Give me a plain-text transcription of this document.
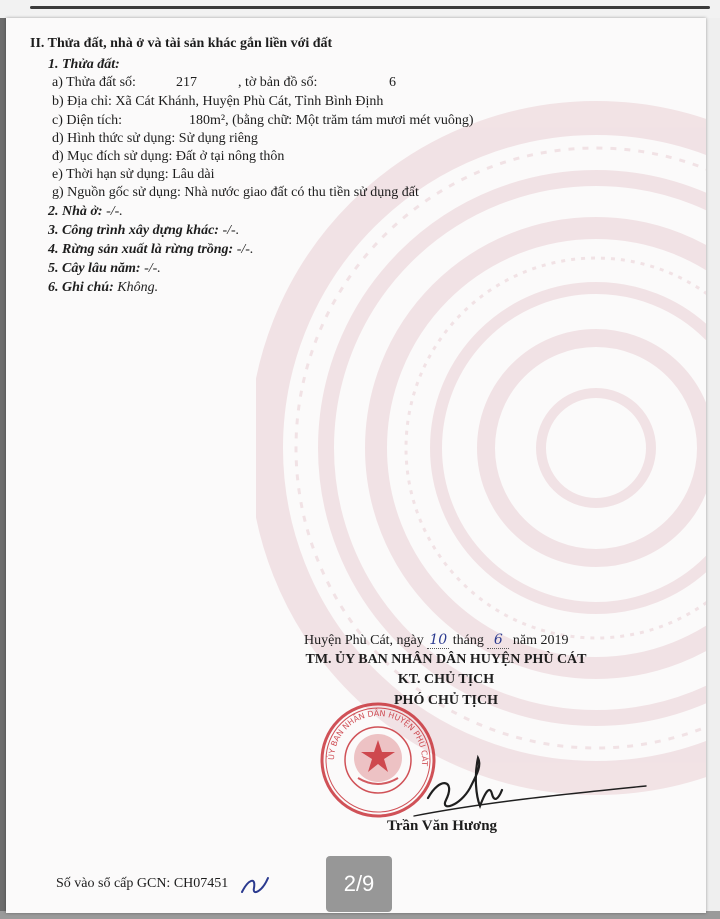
II. Thửa đất, nhà ở và tài sản khác gắn liền với đất
1. Thửa đất:
a) Thửa đất số:	217	, tờ bản đồ số:	6
b) Địa chỉ: Xã Cát Khánh, Huyện Phù Cát, Tỉnh Bình Định
c) Diện tích:	180m², (bằng chữ: Một trăm tám mươi mét vuông)
d) Hình thức sử dụng: Sử dụng riêng
đ) Mục đích sử dụng: Đất ở tại nông thôn
e) Thời hạn sử dụng: Lâu dài
g) Nguồn gốc sử dụng: Nhà nước giao đất có thu tiền sử dụng đất
2. Nhà ở: -/-.
3. Công trình xây dựng khác: -/-.
4. Rừng sản xuất là rừng trồng: -/-.
5. Cây lâu năm: -/-.
6. Ghi chú: Không.
Huyện Phù Cát, ngày 10 tháng 6 năm 2019
TM. ỦY BAN NHÂN DÂN HUYỆN PHÙ CÁT
KT. CHỦ TỊCH
PHÓ CHỦ TỊCH
ỦY BAN NHÂN DÂN HUYỆN PHÙ CÁT
Trần Văn Hương
Số vào sổ cấp GCN: CH07451	2/9
